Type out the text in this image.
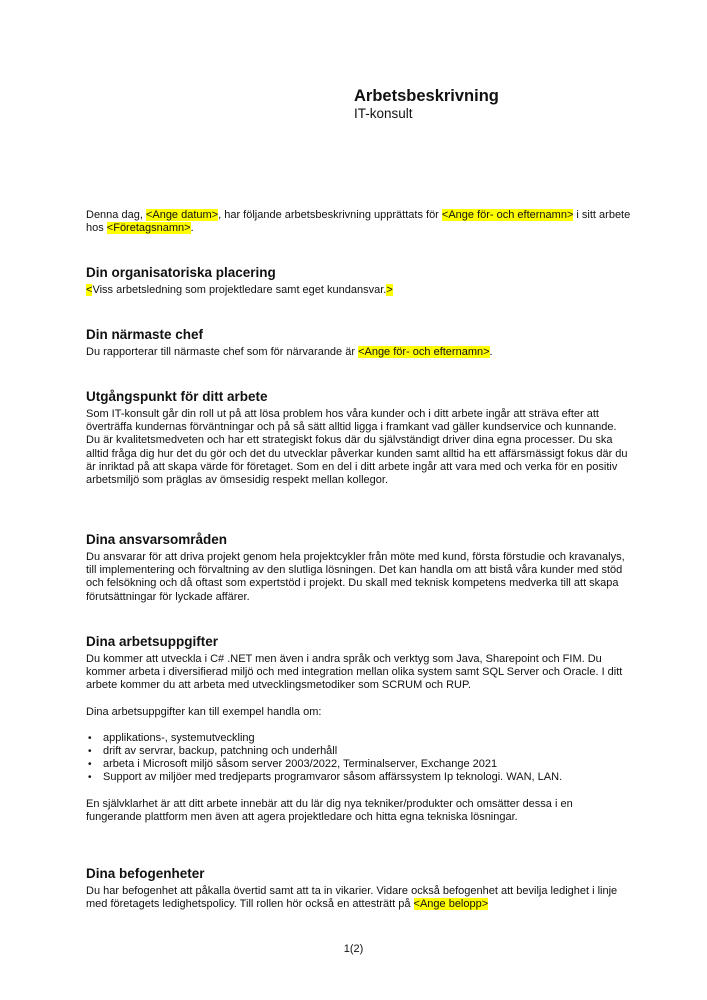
Arbetsbeskrivning
IT-konsult

Denna dag, <Ange datum>, har följande arbetsbeskrivning upprättats för <Ange för- och efternamn> i sitt arbete hos <Företagsnamn>.

Din organisatoriska placering

<Viss arbetsledning som projektledare samt eget kundansvar.>

Din närmaste chef

Du rapporterar till närmaste chef som för närvarande är <Ange för- och efternamn>.

Utgångspunkt för ditt arbete

Som IT-konsult går din roll ut på att lösa problem hos våra kunder och i ditt arbete ingår att sträva efter att överträffa kundernas förväntningar och på så sätt alltid ligga i framkant vad gäller kundservice och kunnande. Du är kvalitetsmedveten och har ett strategiskt fokus där du självständigt driver dina egna processer. Du ska alltid fråga dig hur det du gör och det du utvecklar påverkar kunden samt alltid ha ett affärsmässigt fokus där du är inriktad på att skapa värde för företaget. Som en del i ditt arbete ingår att vara med och verka för en positiv arbetsmiljö som präglas av ömsesidig respekt mellan kollegor.

Dina ansvarsområden

Du ansvarar för att driva projekt genom hela projektcykler från möte med kund, första förstudie och kravanalys, till implementering och förvaltning av den slutliga lösningen. Det kan handla om att bistå våra kunder med stöd och felsökning och då oftast som expertstöd i projekt. Du skall med teknisk kompetens medverka till att skapa förutsättningar för lyckade affärer.

Dina arbetsuppgifter

Du kommer att utveckla i C# .NET men även i andra språk och verktyg som Java, Sharepoint och FIM. Du kommer arbeta i diversifierad miljö och med integration mellan olika system samt SQL Server och Oracle. I ditt arbete kommer du att arbeta med utvecklingsmetodiker som SCRUM och RUP.

Dina arbetsuppgifter kan till exempel handla om:

• applikations-, systemutveckling
• drift av servrar, backup, patchning och underhåll
• arbeta i Microsoft miljö såsom server 2003/2022, Terminalserver, Exchange 2021
• Support av miljöer med tredjeparts programvaror såsom affärssystem Ip teknologi. WAN, LAN.

En självklarhet är att ditt arbete innebär att du lär dig nya tekniker/produkter och omsätter dessa i en fungerande plattform men även att agera projektledare och hitta egna tekniska lösningar.

Dina befogenheter

Du har befogenhet att påkalla övertid samt att ta in vikarier. Vidare också befogenhet att bevilja ledighet i linje med företagets ledighetspolicy. Till rollen hör också en attesträtt på <Ange belopp>

1(2)
